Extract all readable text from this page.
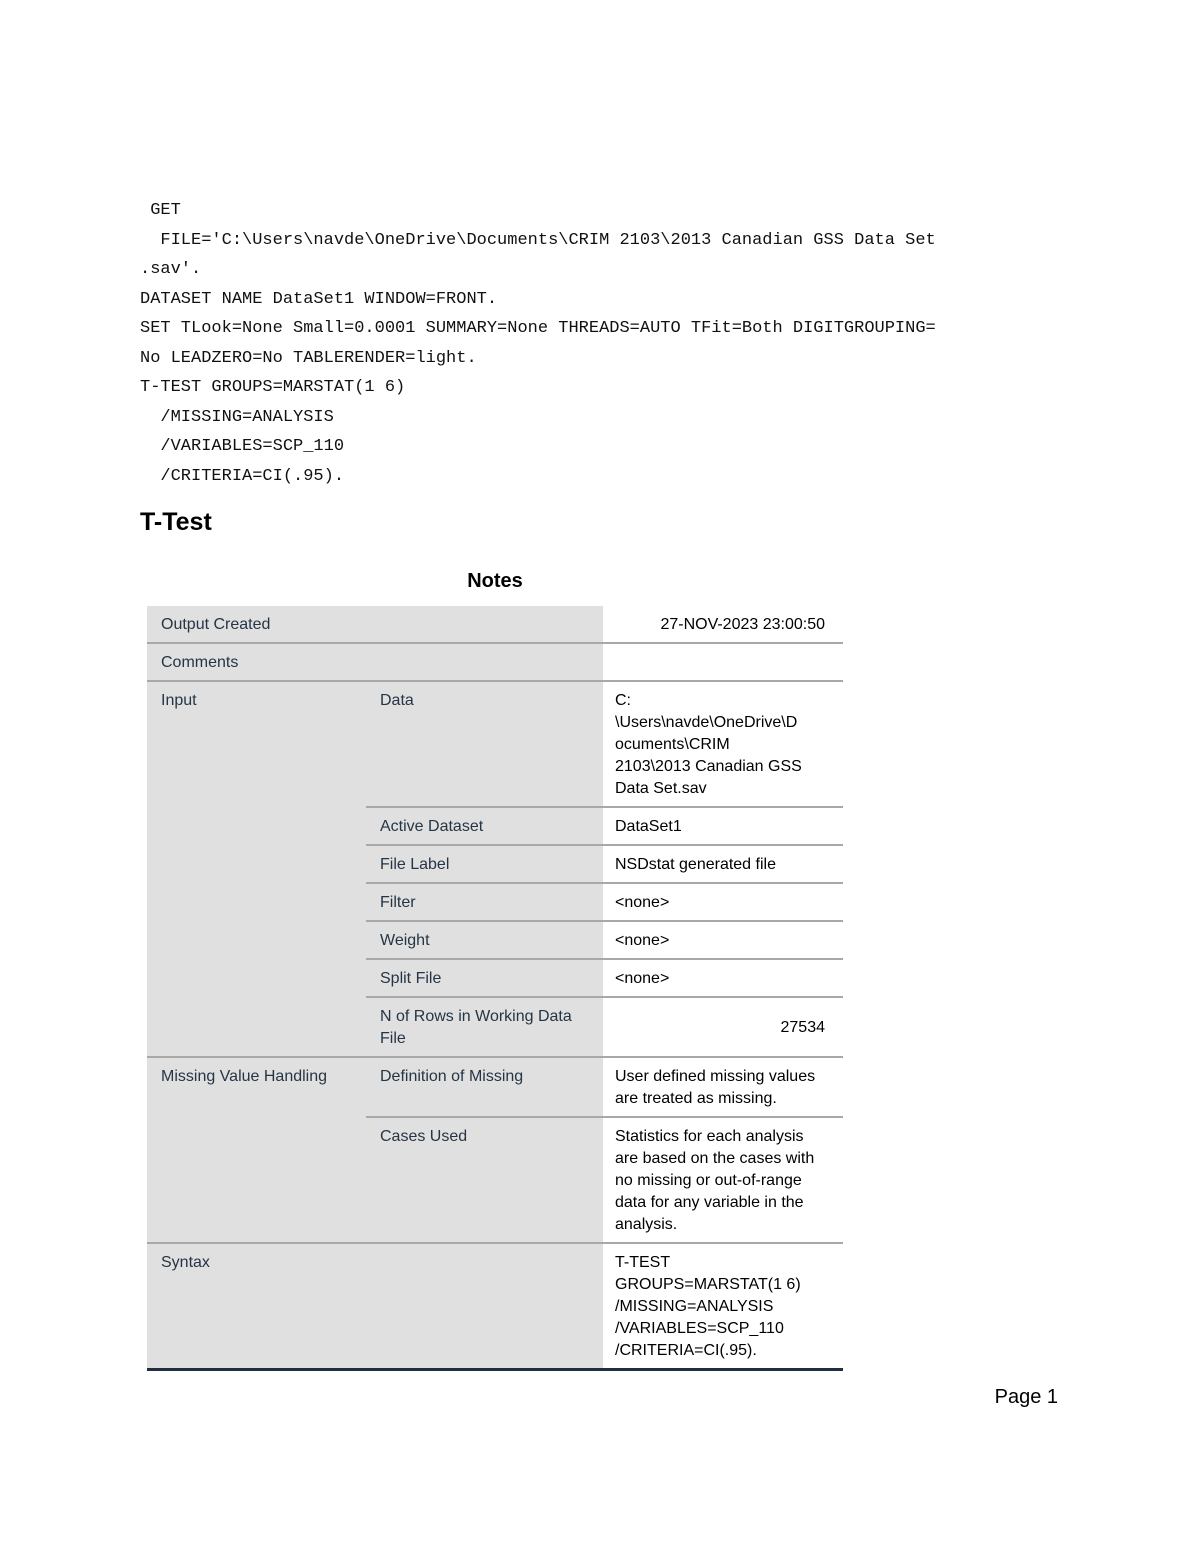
GET
FILE='C:\Users\navde\OneDrive\Documents\CRIM 2103\2013 Canadian GSS Data Set
.sav'.
DATASET NAME DataSet1 WINDOW=FRONT.
SET TLook=None Small=0.0001 SUMMARY=None THREADS=AUTO TFit=Both DIGITGROUPING=
No LEADZERO=No TABLERENDER=light.
T-TEST GROUPS=MARSTAT(1 6)
/MISSING=ANALYSIS
/VARIABLES=SCP_110
/CRITERIA=CI(.95).
T-Test
Notes
Output Created		27-NOV-2023 23:00:50
Comments		
Input	Data	C:
\Users\navde\OneDrive\D
ocuments\CRIM
2103\2013 Canadian GSS
Data Set.sav
	Active Dataset	DataSet1
	File Label	NSDstat generated file
	Filter	<none>
	Weight	<none>
	Split File	<none>
	N of Rows in Working Data File	27534
Missing Value Handling	Definition of Missing	User defined missing values are treated as missing.
	Cases Used	Statistics for each analysis are based on the cases with no missing or out-of-range data for any variable in the analysis.
Syntax		T-TEST
GROUPS=MARSTAT(1 6)
/MISSING=ANALYSIS
/VARIABLES=SCP_110
/CRITERIA=CI(.95).
Page 1
